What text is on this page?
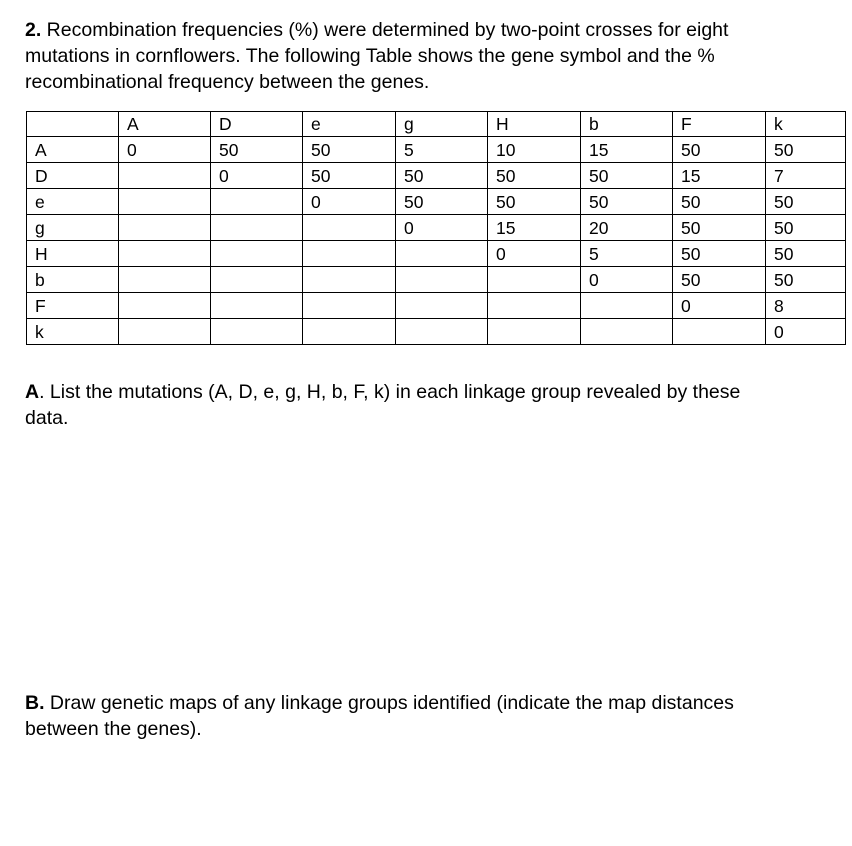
2. Recombination frequencies (%) were determined by two-point crosses for eight
mutations in cornflowers. The following Table shows the gene symbol and the %
recombinational frequency between the genes.
	A	D	e	g	H	b	F	k
A	0	50	50	5	10	15	50	50
D		0	50	50	50	50	15	7
e			0	50	50	50	50	50
g				0	15	20	50	50
H					0	5	50	50
b						0	50	50
F							0	8
k								0
A. List the mutations (A, D, e, g, H, b, F, k) in each linkage group revealed by these
data.
B. Draw genetic maps of any linkage groups identified (indicate the map distances
between the genes).
